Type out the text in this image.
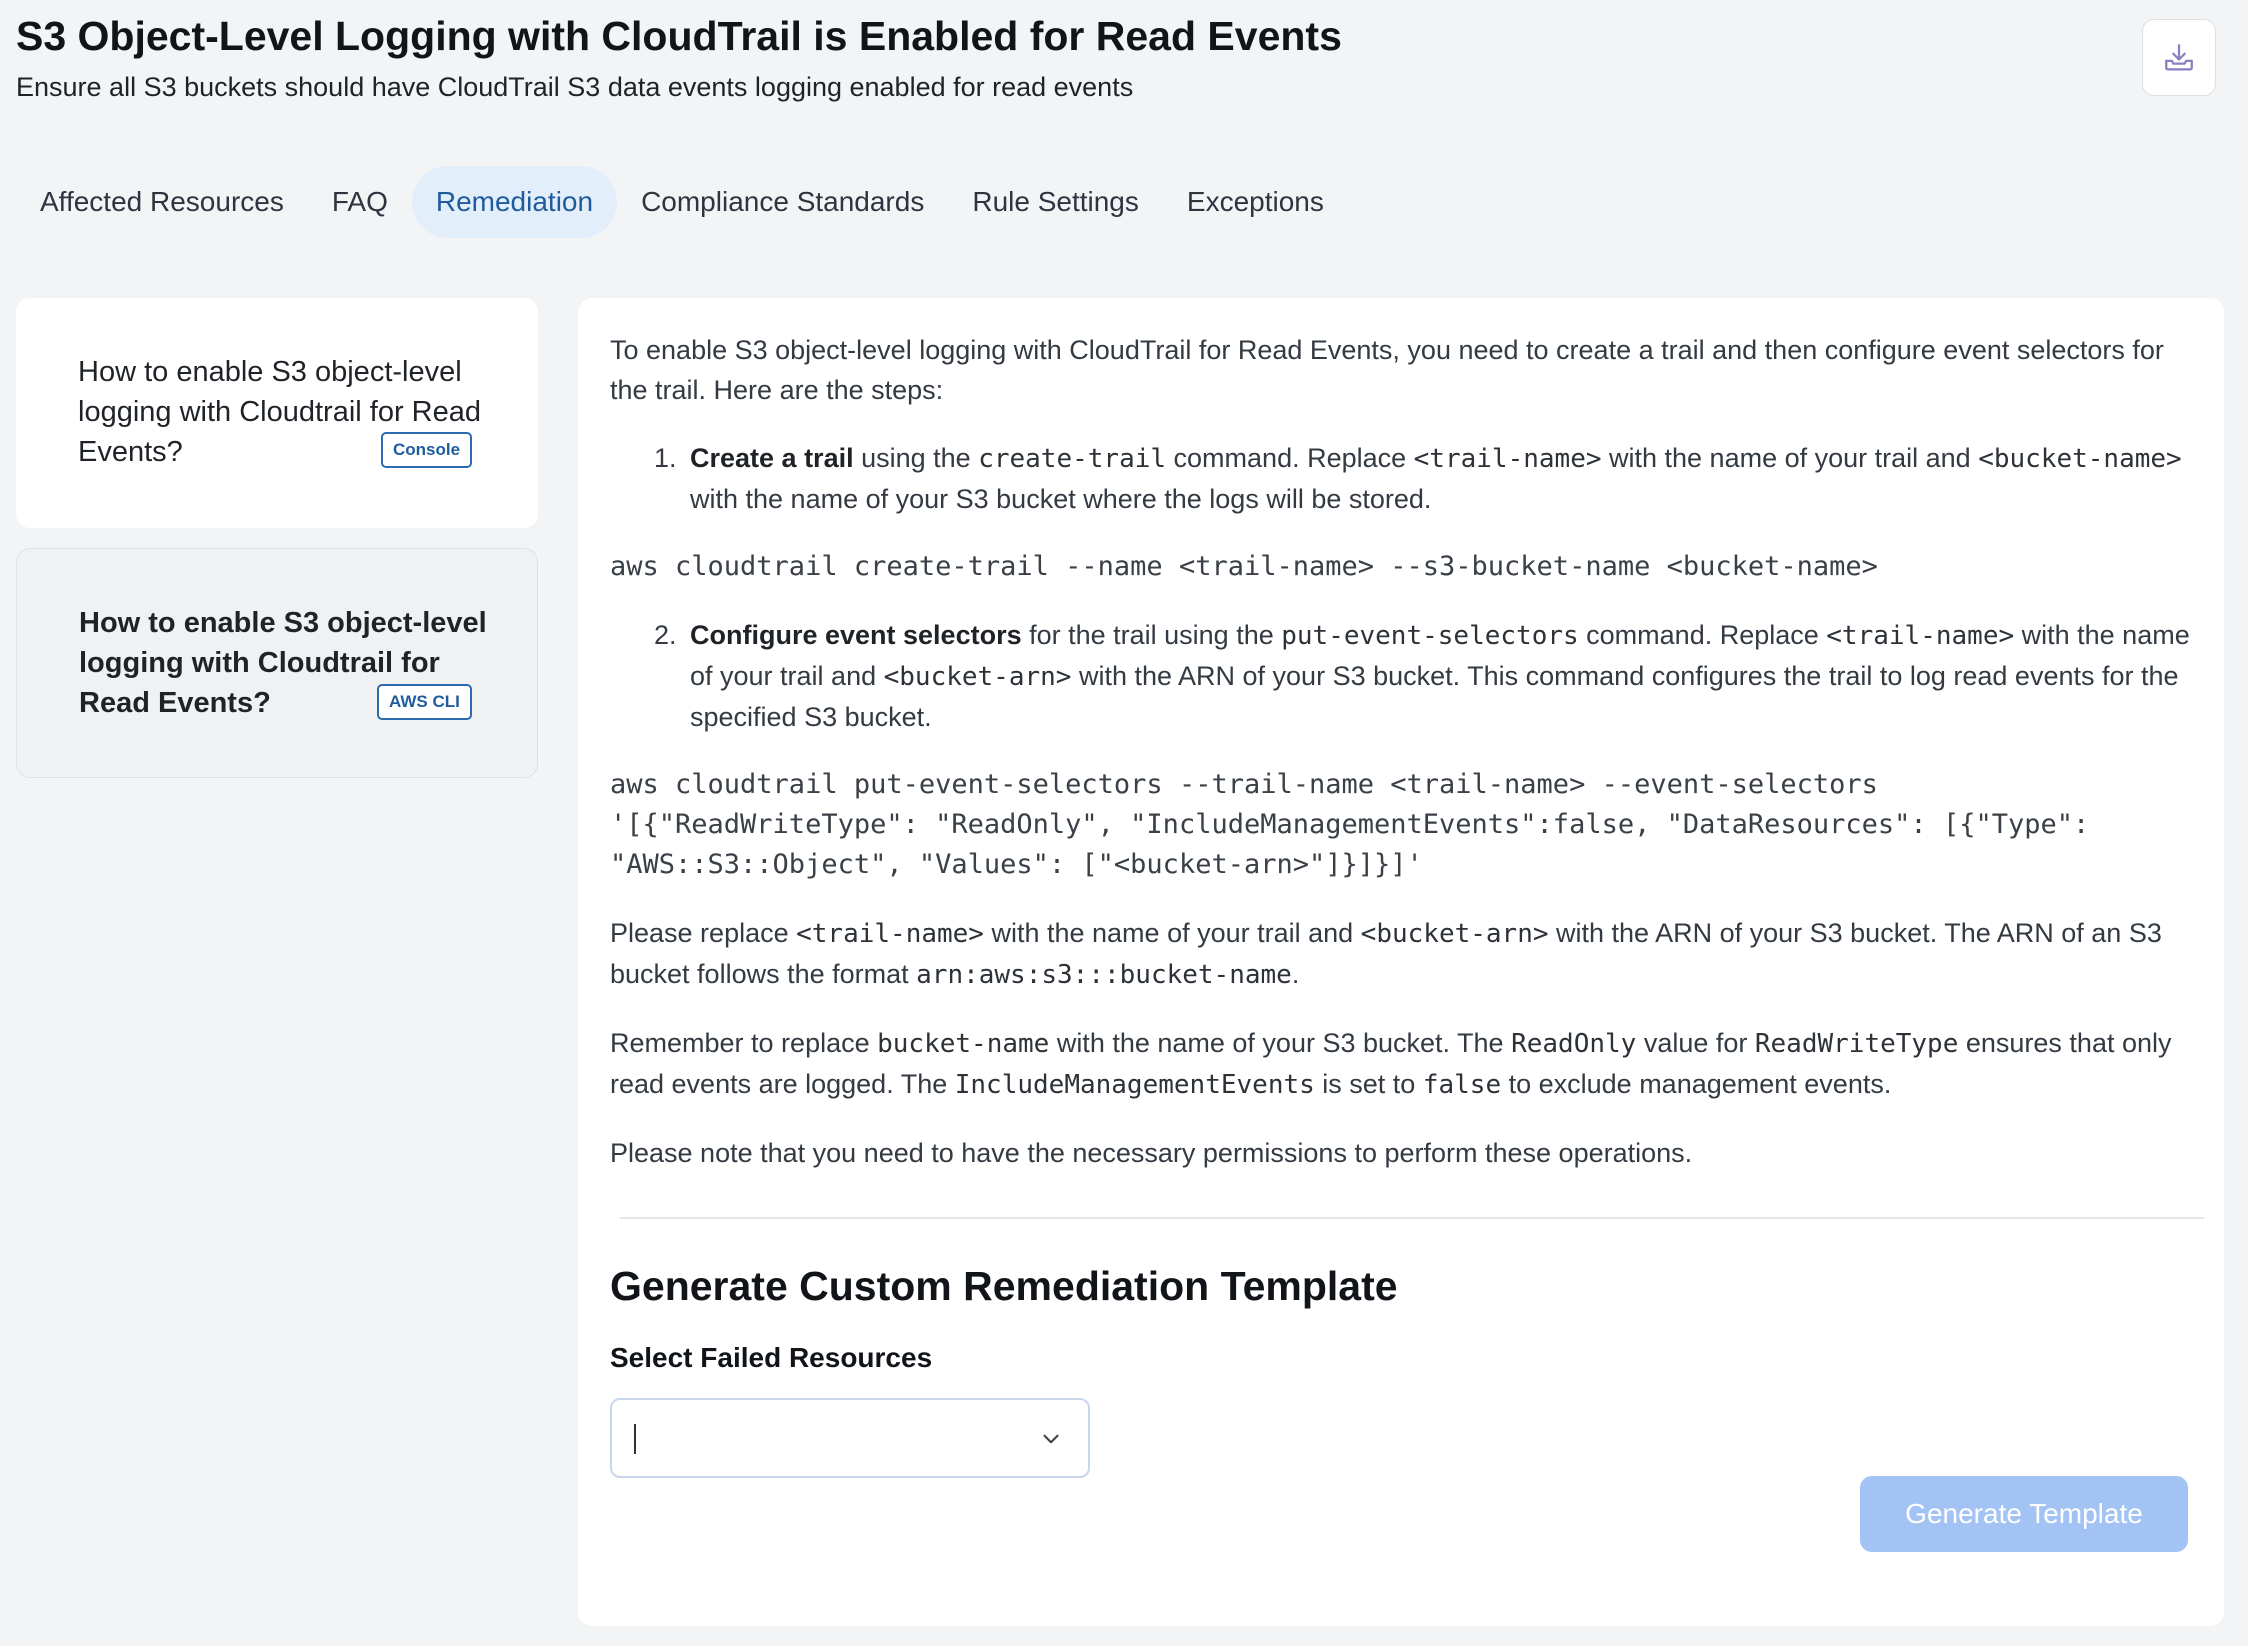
S3 Object-Level Logging with CloudTrail is Enabled for Read Events
Ensure all S3 buckets should have CloudTrail S3 data events logging enabled for read events
Affected Resources	FAQ	Remediation	Compliance Standards	Rule Settings	Exceptions
How to enable S3 object-level logging with Cloudtrail for Read Events?	Console
How to enable S3 object-level logging with Cloudtrail for Read Events?	AWS CLI
To enable S3 object-level logging with CloudTrail for Read Events, you need to create a trail and then configure event selectors for the trail. Here are the steps:
1. Create a trail using the create-trail command. Replace <trail-name> with the name of your trail and <bucket-name> with the name of your S3 bucket where the logs will be stored.
aws cloudtrail create-trail --name <trail-name> --s3-bucket-name <bucket-name>
2. Configure event selectors for the trail using the put-event-selectors command. Replace <trail-name> with the name of your trail and <bucket-arn> with the ARN of your S3 bucket. This command configures the trail to log read events for the specified S3 bucket.
aws cloudtrail put-event-selectors --trail-name <trail-name> --event-selectors '[{"ReadWriteType": "ReadOnly", "IncludeManagementEvents":false, "DataResources": [{"Type": "AWS::S3::Object", "Values": ["<bucket-arn>"]}]}]'
Please replace <trail-name> with the name of your trail and <bucket-arn> with the ARN of your S3 bucket. The ARN of an S3 bucket follows the format arn:aws:s3:::bucket-name.
Remember to replace bucket-name with the name of your S3 bucket. The ReadOnly value for ReadWriteType ensures that only read events are logged. The IncludeManagementEvents is set to false to exclude management events.
Please note that you need to have the necessary permissions to perform these operations.
Generate Custom Remediation Template
Select Failed Resources
Generate Template
